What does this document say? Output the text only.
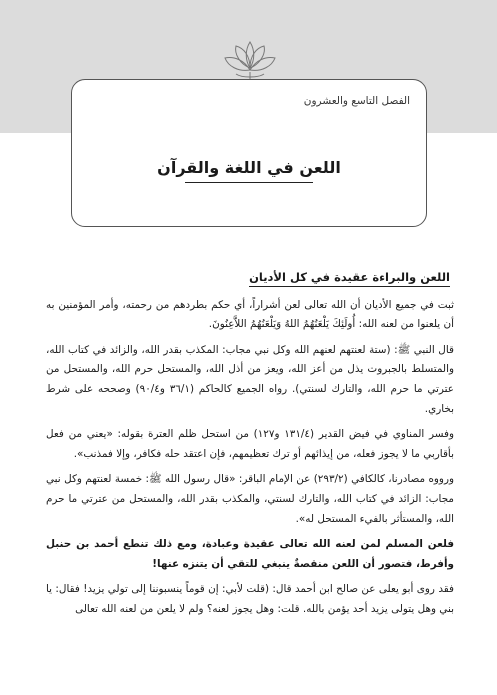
الفصل التاسع والعشرون
اللعن في اللغة والقرآن
اللعن والبراءة عقيدة في كل الأديان

ثبت في جميع الأديان أن الله تعالى لعن أشراراً، أي حكم بطردهم من رحمته، وأمر المؤمنين به أن يلعنوا من لعنه الله: أُولَئِكَ يَلْعَنُهُمُ اللهُ وَيَلْعَنُهُمُ اللاَّعِنُونَ.

قال النبي ﷺ: (ستة لعنتهم لعنهم الله وكل نبي مجاب: المكذب بقدر الله، والزائد في كتاب الله، والمتسلط بالجبروت يذل من أعز الله، ويعز من أذل الله، والمستحل حرم الله، والمستحل من عترتي ما حرم الله، والتارك لسنتي). رواه الجميع كالحاكم (٣٦/١ و٩٠/٤) وصححه على شرط بخاري.

وفسر المناوي في فيض القدير (١٣١/٤ و١٢٧) من استحل ظلم العترة بقوله: «يعني من فعل بأقاربي ما لا يجوز فعله، من إيذائهم أو ترك تعظيمهم، فإن اعتقد حله فكافر، وإلا فمذنب».

ورووه مصادرنا، كالكافي (٢٩٣/٢) عن الإمام الباقر: «قال رسول الله ﷺ: خمسة لعنتهم وكل نبي مجاب: الزائد في كتاب الله، والتارك لسنتي، والمكذب بقدر الله، والمستحل من عترتي ما حرم الله، والمستأثر بالفيء المستحل له».

فلعن المسلم لمن لعنه الله تعالى عقيدة وعبادة، ومع ذلك تنطع أحمد بن حنبل وأفرط، فتصور أن اللعن منقصةٌ ينبغي للتقي أن يتنزه عنها!

فقد روى أبو يعلى عن صالح ابن أحمد قال: (قلت لأبي: إن قوماً ينسبوننا إلى تولي يزيد! فقال: يا بني وهل يتولى يزيد أحد يؤمن بالله. قلت: وهل يجوز لعنه؟ ولم لا يلعن من لعنه الله تعالى
